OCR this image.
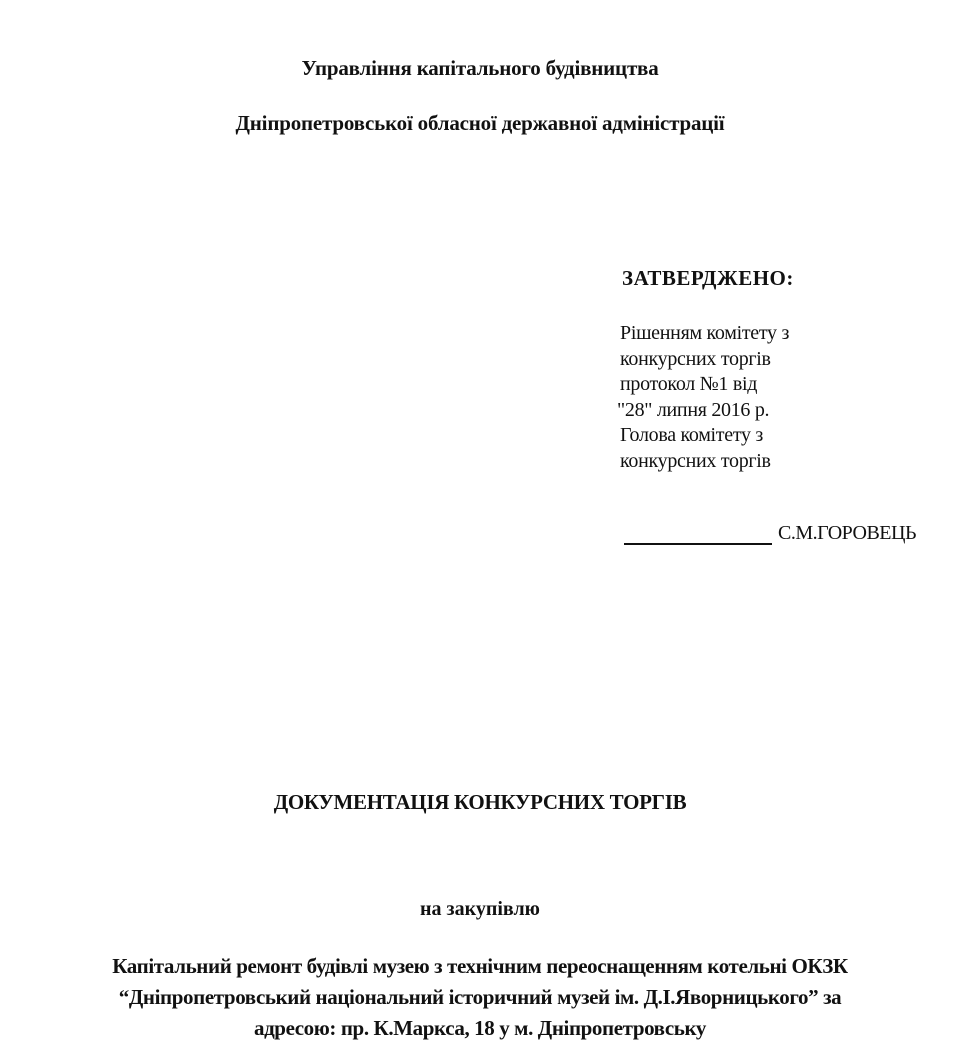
Управління капітального будівництва
Дніпропетровської обласної державної адміністрації
ЗАТВЕРДЖЕНО:
Рішенням комітету з
конкурсних торгів
протокол №1 від
"28" липня 2016 р.
Голова комітету з
конкурсних торгів
С.М.ГОРОВЕЦЬ
ДОКУМЕНТАЦІЯ КОНКУРСНИХ ТОРГІВ
на закупівлю
Капітальний ремонт будівлі музею з технічним переоснащенням котельні ОКЗК
“Дніпропетровський національний історичний музей ім. Д.І.Яворницького” за
адресою: пр. К.Маркса, 18 у м. Дніпропетровську
